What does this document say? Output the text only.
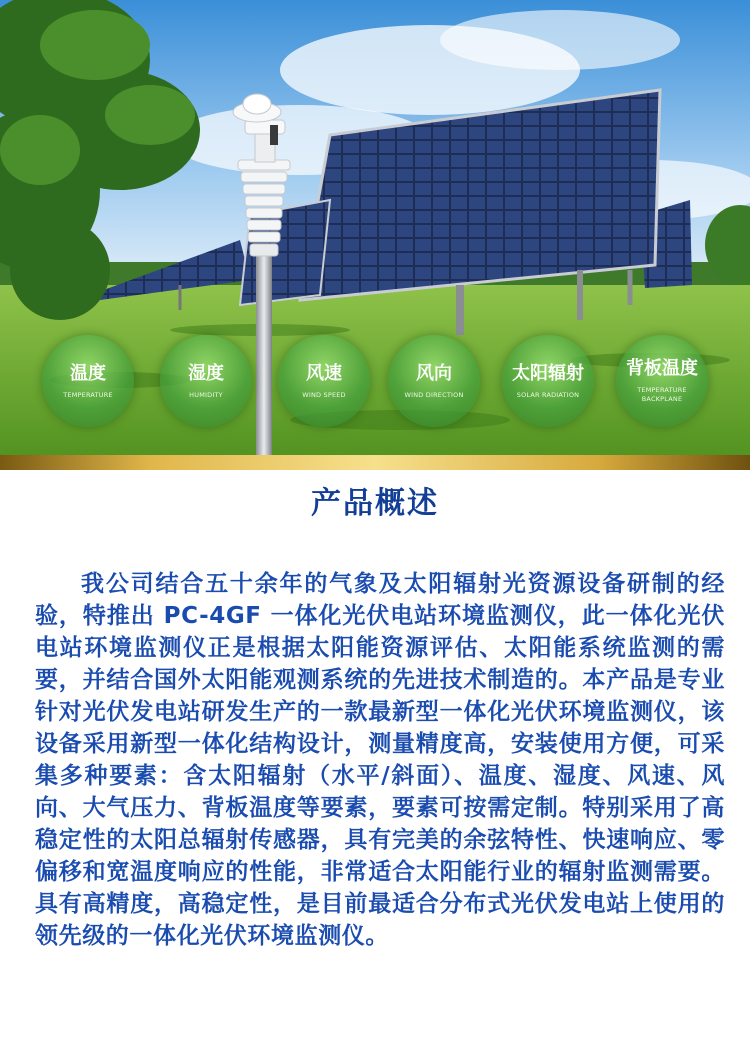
温度
TEMPERATURE
湿度
HUMIDITY
风速
WIND SPEED
风向
WIND DIRECTION
太阳辐射
SOLAR RADIATION
背板温度
TEMPERATURE BACKPLANE
产品概述
我公司结合五十余年的气象及太阳辐射光资源设备研制的经验，特推出 PC-4GF 一体化光伏电站环境监测仪，此一体化光伏电站环境监测仪正是根据太阳能资源评估、太阳能系统监测的需要，并结合国外太阳能观测系统的先进技术制造的。本产品是专业针对光伏发电站研发生产的一款最新型一体化光伏环境监测仪，该设备采用新型一体化结构设计，测量精度高，安装使用方便，可采集多种要素：含太阳辐射（水平/斜面）、温度、湿度、风速、风向、大气压力、背板温度等要素，要素可按需定制。特别采用了高稳定性的太阳总辐射传感器，具有完美的余弦特性、快速响应、零偏移和宽温度响应的性能，非常适合太阳能行业的辐射监测需要。具有高精度，高稳定性，是目前最适合分布式光伏发电站上使用的领先级的一体化光伏环境监测仪。
